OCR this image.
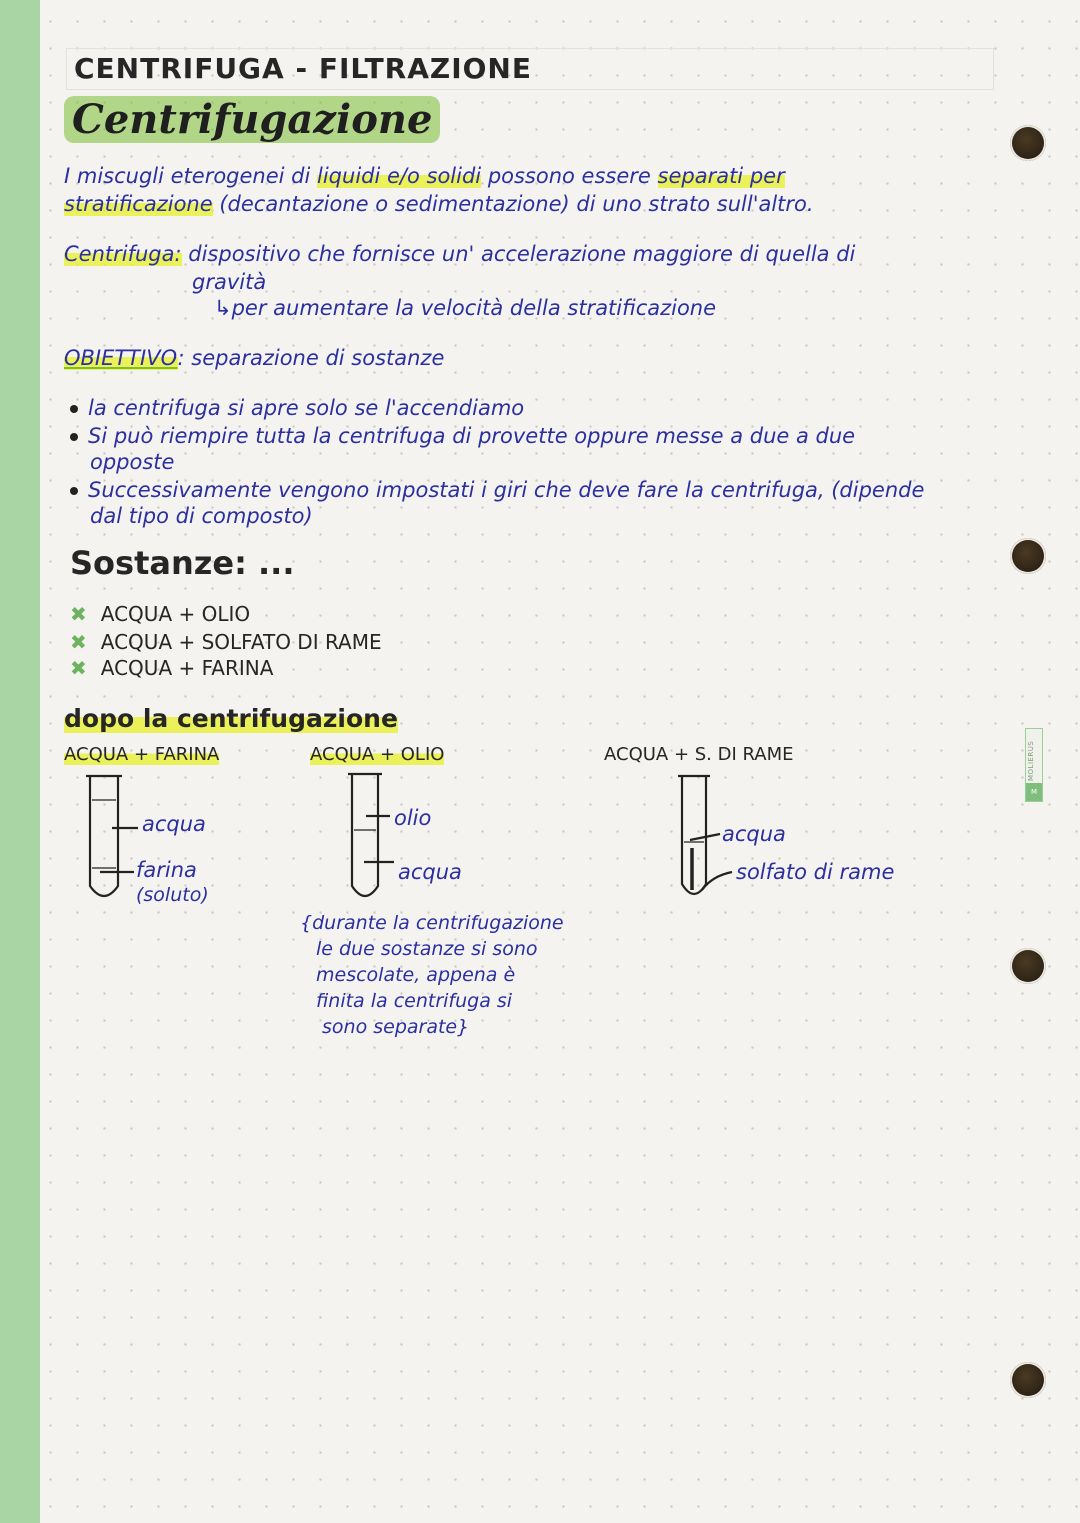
MOLIERUS
M
CENTRIFUGA - FILTRAZIONE
Centrifugazione
I miscugli eterogenei di liquidi e/o solidi possono essere separati per
stratificazione (decantazione o sedimentazione) di uno strato sull'altro.
Centrifuga: dispositivo che fornisce un' accelerazione maggiore di quella di
gravità
↳per aumentare la velocità della stratificazione
OBIETTIVO: separazione di sostanze
la centrifuga si apre solo se l'accendiamo
Si può riempire tutta la centrifuga di provette oppure messe a due a due
opposte
Successivamente vengono impostati i giri che deve fare la centrifuga, (dipende
dal tipo di composto)
Sostanze: ...
✖ ACQUA + OLIO
✖ ACQUA + SOLFATO DI RAME
✖ ACQUA + FARINA
dopo la centrifugazione
ACQUA + FARINA	ACQUA + OLIO	ACQUA + S. DI RAME
acqua
farina
(soluto)
olio
acqua
acqua
solfato di rame
{durante la centrifugazione
le due sostanze si sono
mescolate, appena è
finita la centrifuga si
sono separate}
